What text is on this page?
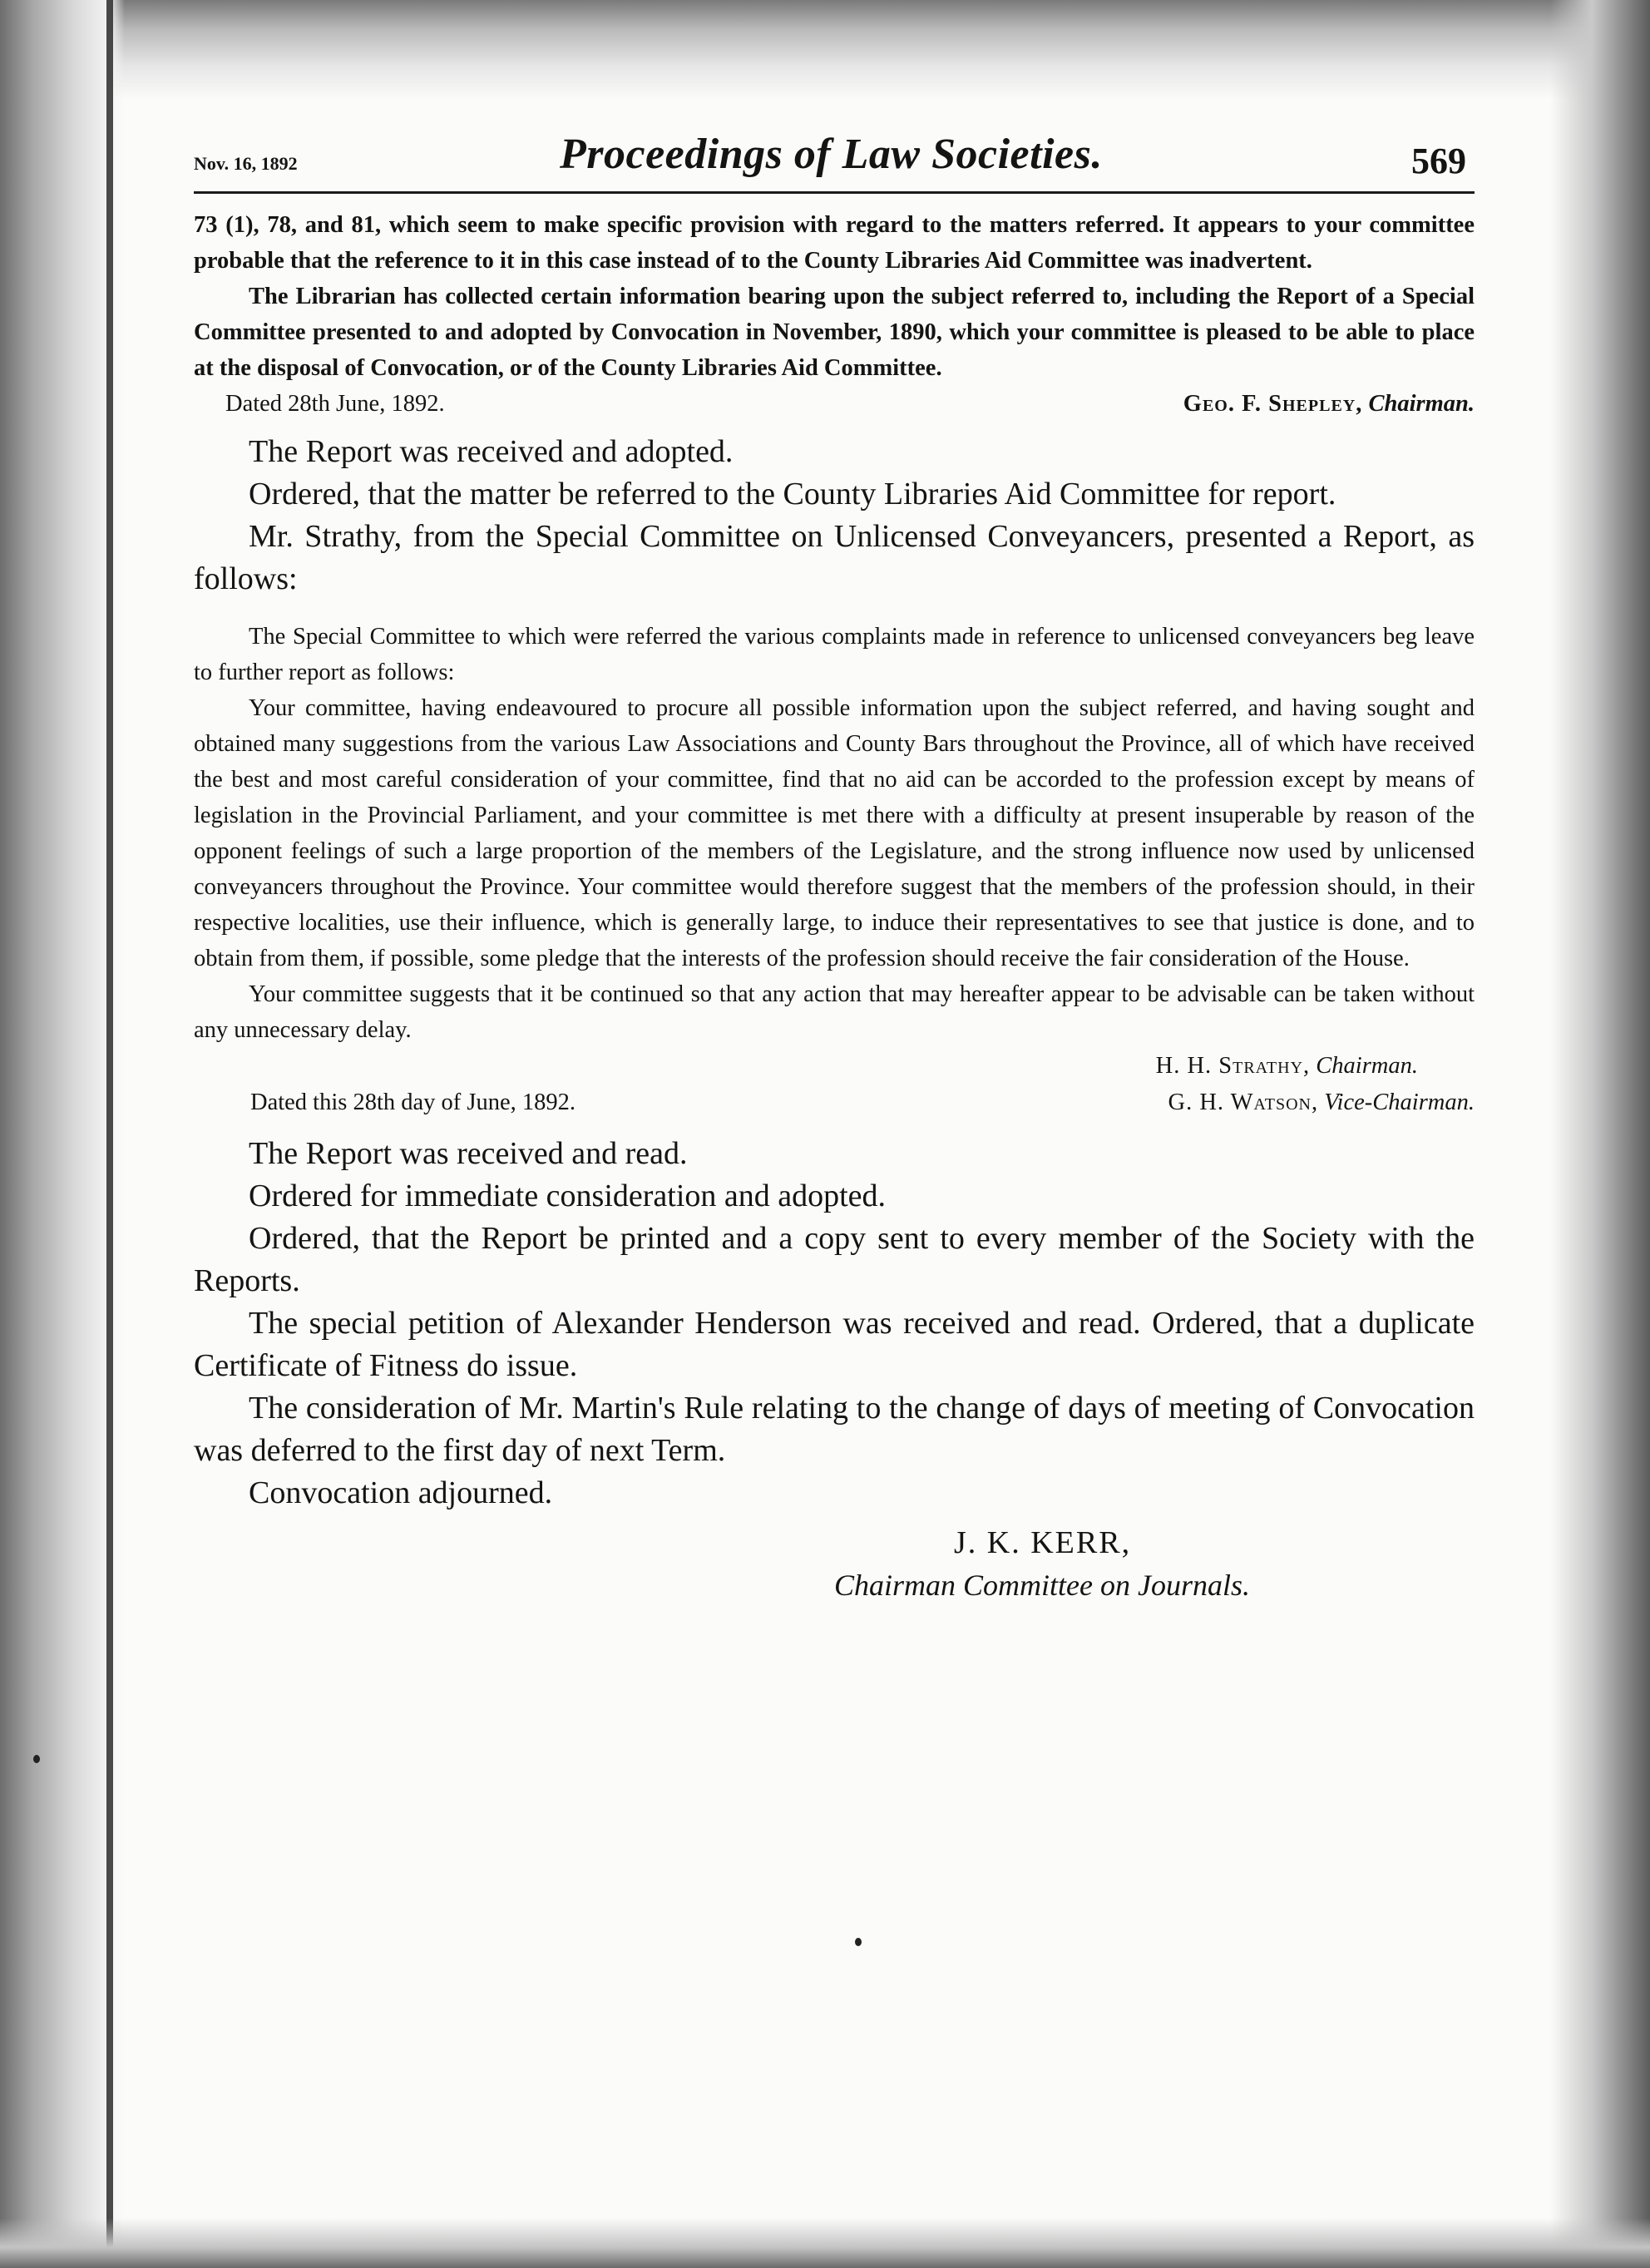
Nov. 16, 1892	Proceedings of Law Societies.	569

73 (1), 78, and 81, which seem to make specific provision with regard to the matters referred. It appears to your committee probable that the reference to it in this case instead of to the County Libraries Aid Committee was inadvertent.

The Librarian has collected certain information bearing upon the subject referred to, including the Report of a Special Committee presented to and adopted by Convocation in November, 1890, which your committee is pleased to be able to place at the disposal of Convocation, or of the County Libraries Aid Committee.

Dated 28th June, 1892.	Geo. F. Shepley, Chairman.

The Report was received and adopted.

Ordered, that the matter be referred to the County Libraries Aid Committee for report.

Mr. Strathy, from the Special Committee on Unlicensed Conveyancers, presented a Report, as follows:

The Special Committee to which were referred the various complaints made in reference to unlicensed conveyancers beg leave to further report as follows:

Your committee, having endeavoured to procure all possible information upon the subject referred, and having sought and obtained many suggestions from the various Law Associations and County Bars throughout the Province, all of which have received the best and most careful consideration of your committee, find that no aid can be accorded to the profession except by means of legislation in the Provincial Parliament, and your committee is met there with a difficulty at present insuperable by reason of the opponent feelings of such a large proportion of the members of the Legislature, and the strong influence now used by unlicensed conveyancers throughout the Province. Your committee would therefore suggest that the members of the profession should, in their respective localities, use their influence, which is generally large, to induce their representatives to see that justice is done, and to obtain from them, if possible, some pledge that the interests of the profession should receive the fair consideration of the House.

Your committee suggests that it be continued so that any action that may hereafter appear to be advisable can be taken without any unnecessary delay.

H. H. Strathy, Chairman.
Dated this 28th day of June, 1892.	G. H. Watson, Vice-Chairman.

The Report was received and read.

Ordered for immediate consideration and adopted.

Ordered, that the Report be printed and a copy sent to every member of the Society with the Reports.

The special petition of Alexander Henderson was received and read. Ordered, that a duplicate Certificate of Fitness do issue.

The consideration of Mr. Martin's Rule relating to the change of days of meeting of Convocation was deferred to the first day of next Term.

Convocation adjourned.

J. K. KERR,
Chairman Committee on Journals.
